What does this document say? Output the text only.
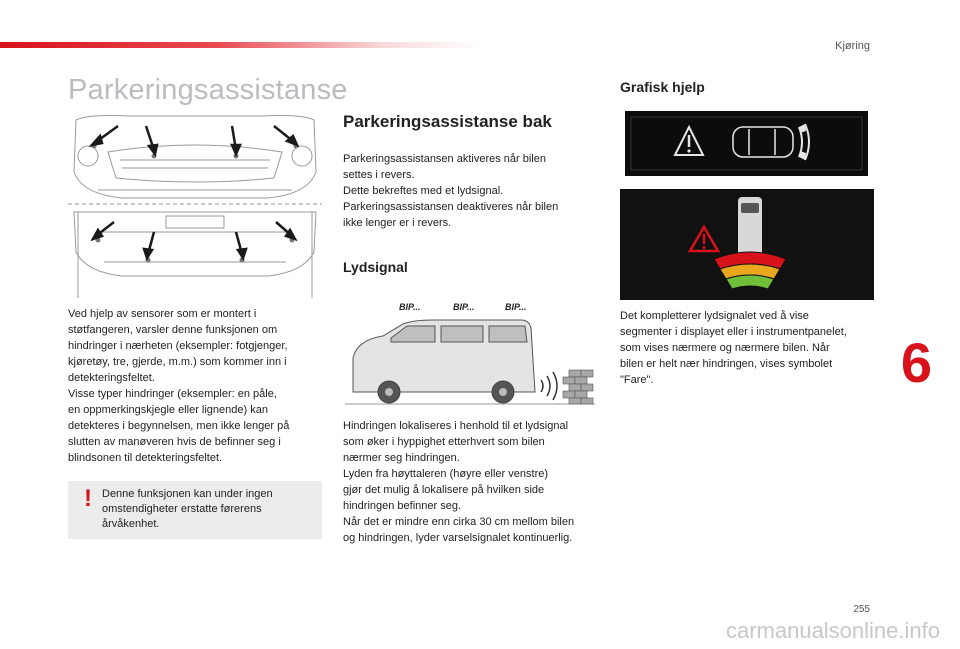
Kjøring
Parkeringsassistanse
Ved hjelp av sensorer som er montert i
støtfangeren, varsler denne funksjonen om
hindringer i nærheten (eksempler: fotgjenger,
kjøretøy, tre, gjerde, m.m.) som kommer inn i
detekteringsfeltet.
Visse typer hindringer (eksempler: en påle,
en oppmerkingskjegle eller lignende) kan
detekteres i begynnelsen, men ikke lenger på
slutten av manøveren hvis de befinner seg i
blindsonen til detekteringsfeltet.
! Denne funksjonen kan under ingen
omstendigheter erstatte førerens
årvåkenhet.
Parkeringsassistanse bak
Parkeringsassistansen aktiveres når bilen
settes i revers.
Dette bekreftes med et lydsignal.
Parkeringsassistansen deaktiveres når bilen
ikke lenger er i revers.
Lydsignal
BIP...	BIP...	BIP...
Hindringen lokaliseres i henhold til et lydsignal
som øker i hyppighet etterhvert som bilen
nærmer seg hindringen.
Lyden fra høyttaleren (høyre eller venstre)
gjør det mulig å lokalisere på hvilken side
hindringen befinner seg.
Når det er mindre enn cirka 30 cm mellom bilen
og hindringen, lyder varselsignalet kontinuerlig.
Grafisk hjelp
Det kompletterer lydsignalet ved å vise
segmenter i displayet eller i instrumentpanelet,
som vises nærmere og nærmere bilen. Når
bilen er helt nær hindringen, vises symbolet
"Fare".	6
255
carmanualsonline.info
